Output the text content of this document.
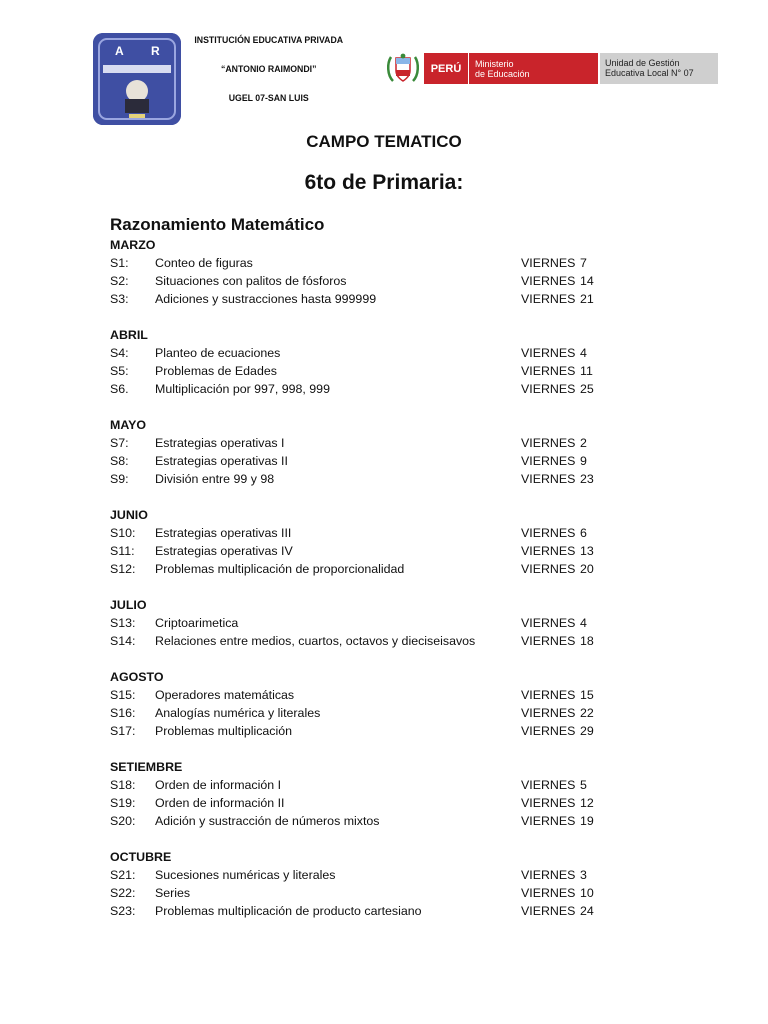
A R
INSTITUCIÓN EDUCATIVA PRIVADA
“ANTONIO RAIMONDI”
UGEL 07-SAN LUIS
PERÚ	Ministerio
de Educación
Unidad de Gestión
Educativa Local N° 07
CAMPO TEMATICO
6to de Primaria:
Razonamiento Matemático
MARZO
S1: Conteo de figuras	VIERNES 7
S2: Situaciones con palitos de fósforos	VIERNES 14
S3: Adiciones y sustracciones hasta 999999	VIERNES 21
ABRIL
S4: Planteo de ecuaciones	VIERNES 4
S5: Problemas de Edades	VIERNES 11
S6. Multiplicación por 997, 998, 999	VIERNES 25
MAYO
S7: Estrategias operativas I	VIERNES 2
S8: Estrategias operativas II	VIERNES 9
S9: División entre 99 y 98	VIERNES 23
JUNIO
S10: Estrategias operativas III	VIERNES 6
S11: Estrategias operativas IV	VIERNES 13
S12: Problemas multiplicación de proporcionalidad	VIERNES 20
JULIO
S13: Criptoarimetica	VIERNES 4
S14: Relaciones entre medios, cuartos, octavos y dieciseisavos	VIERNES 18
AGOSTO
S15: Operadores matemáticas	VIERNES 15
S16: Analogías numérica y literales	VIERNES 22
S17: Problemas multiplicación	VIERNES 29
SETIEMBRE
S18: Orden de información I	VIERNES 5
S19: Orden de información II	VIERNES 12
S20: Adición y sustracción de números mixtos	VIERNES 19
OCTUBRE
S21: Sucesiones numéricas y literales	VIERNES 3
S22: Series	VIERNES 10
S23: Problemas multiplicación de producto cartesiano	VIERNES 24
